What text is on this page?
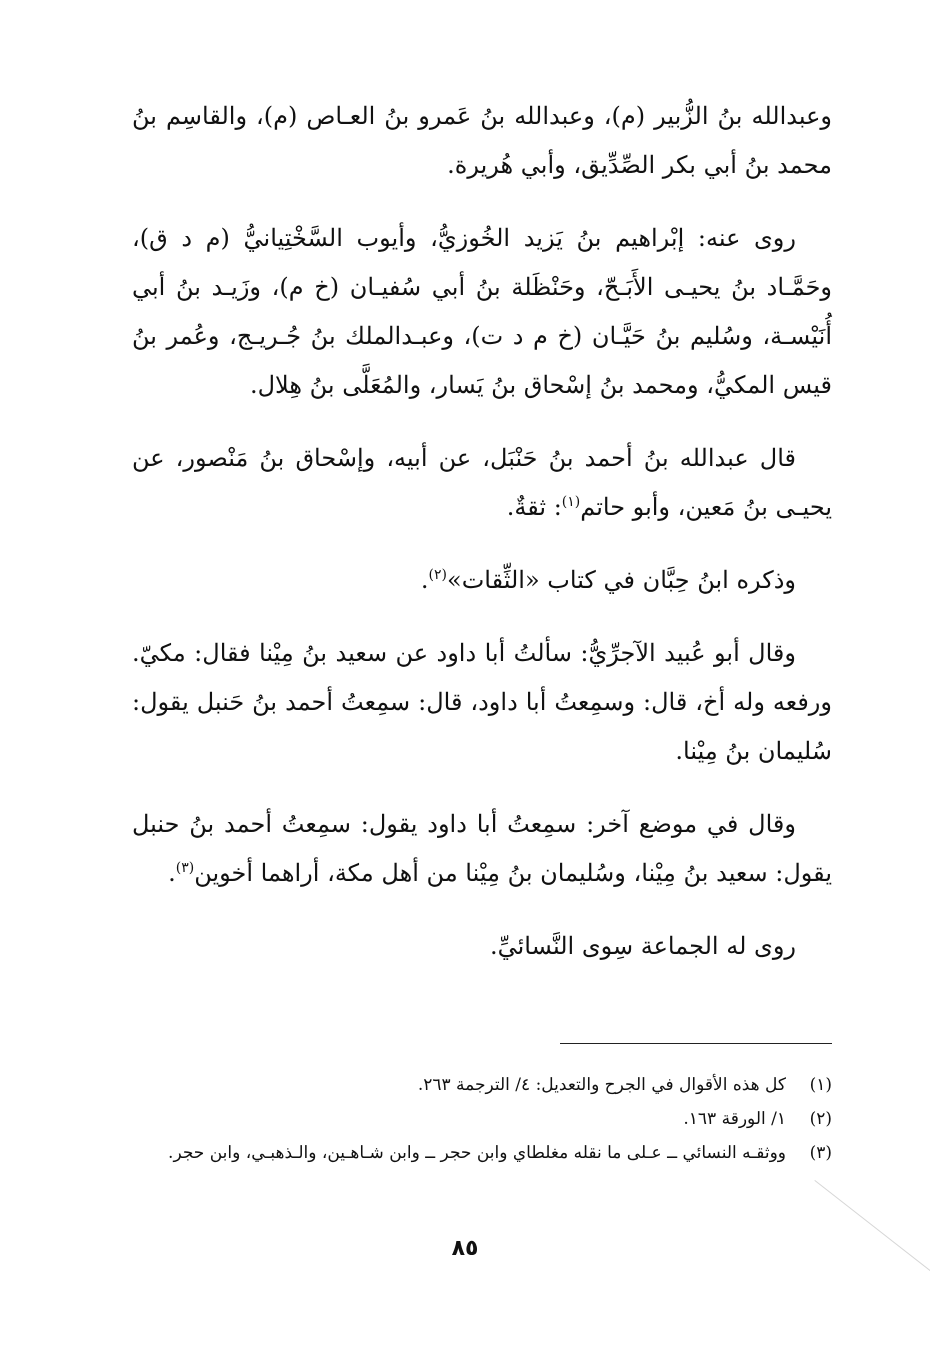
وعبدالله بنُ الزُّبير (م)، وعبدالله بنُ عَمرو بنُ العـاص (م)، والقاسِم بنُ محمد بنُ أبي بكر الصِّدِّيق، وأبي هُريرة.

روى عنه: إبْراهيم بنُ يَزيد الخُوزيُّ، وأيوب السَّخْتِيانيُّ (م د ق)، وحَمَّـاد بنُ يحيـى الأَبَـحّ، وحَنْظَلة بنُ أبي سُفيـان (خ م)، وزَيـد بنُ أبي أُنَيْسـة، وسُليم بنُ حَيَّـان (خ م د ت)، وعبـدالملك بنُ جُـريـج، وعُمر بنُ قيس المكيُّ، ومحمد بنُ إسْحاق بنُ يَسار، والمُعَلَّى بنُ هِلال.

قال عبدالله بنُ أحمد بنُ حَنْبَل، عن أبيه، وإسْحاق بنُ مَنْصور، عن يحيـى بنُ مَعين، وأبو حاتم$^{(١)}$: ثقةٌ.

وذكره ابنُ حِبَّان في كتاب «الثِّقات»$^{(٢)}$.

وقال أبو عُبيد الآجرِّيُّ: سألتُ أبا داود عن سعيد بنُ مِيْنا فقال: مكيّ. ورفعه وله أخ، قال: وسمِعتُ أبا داود، قال: سمِعتُ أحمد بنُ حَنبل يقول: سُليمان بنُ مِيْنا.

وقال في موضع آخر: سمِعتُ أبا داود يقول: سمِعتُ أحمد بنُ حنبل يقول: سعيد بنُ مِيْنا، وسُليمان بنُ مِيْنا من أهل مكة، أراهما أخوين$^{(٣)}$.

روى له الجماعة سِوى النَّسائيِّ.

(١)
كل هذه الأقوال في الجرح والتعديل: ٤/ الترجمة ٢٦٣.
(٢)
١/ الورقة ١٦٣.
(٣)
ووثقـه النسائي ــ عـلى ما نقله مغلطاي وابن حجر ــ وابن شـاهـين، والـذهبـي، وابن حجر.
٨٥
